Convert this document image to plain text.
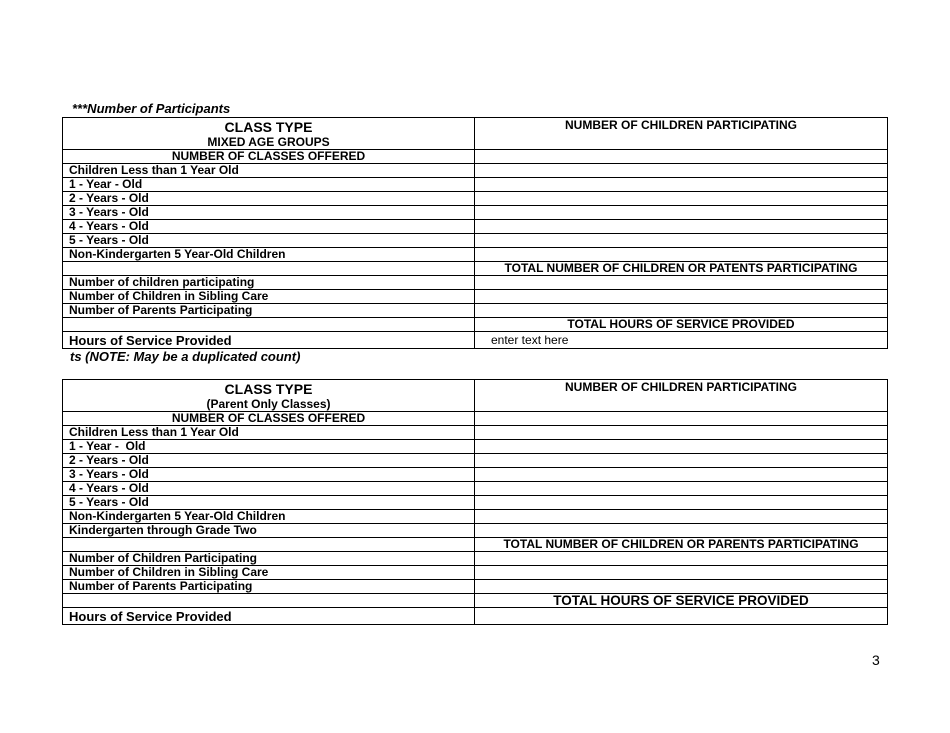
***Number of Participants
CLASS TYPE
MIXED AGE GROUPS	NUMBER OF CHILDREN PARTICIPATING
NUMBER OF CLASSES OFFERED	
Children Less than 1 Year Old	
1 - Year - Old	
2 - Years - Old	
3 - Years - Old	
4 - Years - Old	
5 - Years - Old	
Non-Kindergarten 5 Year-Old Children	
	TOTAL NUMBER OF CHILDREN OR PATENTS PARTICIPATING
Number of children participating	
Number of Children in Sibling Care	
Number of Parents Participating	
	TOTAL HOURS OF SERVICE PROVIDED
Hours of Service Provided	enter text here
ts (NOTE: May be a duplicated count)
CLASS TYPE
(Parent Only Classes)	NUMBER OF CHILDREN PARTICIPATING
NUMBER OF CLASSES OFFERED	
Children Less than 1 Year Old	
1 - Year -  Old	
2 - Years - Old	
3 - Years - Old	
4 - Years - Old	
5 - Years - Old	
Non-Kindergarten 5 Year-Old Children	
Kindergarten through Grade Two	
	TOTAL NUMBER OF CHILDREN OR PARENTS PARTICIPATING
Number of Children Participating	
Number of Children in Sibling Care	
Number of Parents Participating	
	TOTAL HOURS OF SERVICE PROVIDED
Hours of Service Provided	
3
